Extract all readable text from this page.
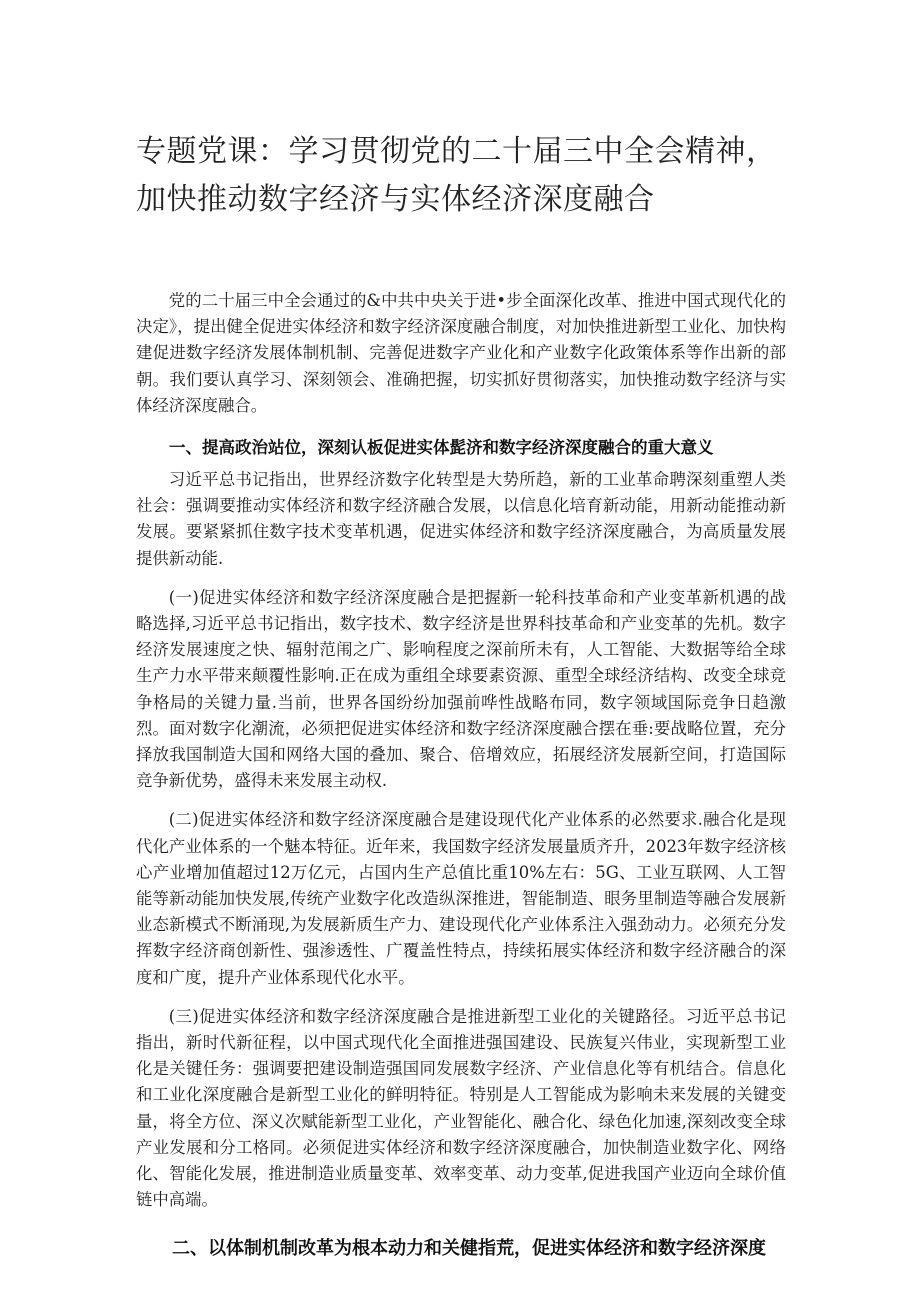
专题党课：学习贯彻党的二十届三中全会精神，加快推动数字经济与实体经济深度融合

党的二十届三中全会通过的&中共中央关于进•步全面深化改革、推进中国式现代化的决定》，提出健全促进实体经济和数字经济深度融合制度，对加快推进新型工业化、加快构建促进数字经济发展体制机制、完善促进数字产业化和产业数字化政策体系等作出新的部朝。我们要认真学习、深刻领会、准确把握，切实抓好贯彻落实，加快推动数字经济与实体经济深度融合。

一、提高政治站位，深刻认板促进实体髭济和数字经济深度融合的重大意义

习近平总书记指出，世界经济数字化转型是大势所趋，新的工业革命聘深刻重塑人类社会：强调要推动实体经济和数字经济融合发展，以信息化培育新动能，用新动能推动新发展。要紧紧抓住数字技术变革机遇，促进实体经济和数字经济深度融合，为高质量发展提供新动能.

(一)促进实体经济和数字经济深度融合是把握新一轮科技革命和产业变革新机遇的战略选择,习近平总书记指出，数字技术、数字经济是世界科技革命和产业变革的先机。数字经济发展速度之快、辐射范闱之广、影响程度之深前所未有，人工智能、大数据等给全球生产力水平带来颠覆性影响.正在成为重组全球要素资源、重型全球经济结构、改变全球竞争格局的关键力量.当前，世界各国纷纷加强前哗性战略布同，数字领域国际竞争日趋激烈。面对数字化潮流，必须把促进实体经济和数字经济深度融合摆在垂:要战略位置，充分择放我国制造大国和网络大国的叠加、聚合、倍增效应，拓展经济发展新空间，打造国际竞争新优势，盛得未来发展主动权.

(二)促进实体经济和数字经济深度融合是建设现代化产业体系的必然要求.融合化是现代化产业体系的一个魅本特征。近年来，我国数字经济发展量质齐升，2023年数字经济核心产业增加值超过12万亿元，占国内生产总值比重10%左右：5G、工业互联网、人工智能等新动能加快发展,传统产业数字化改造纵深推进，智能制造、眼务里制造等融合发展新业态新模式不断涌现,为发展新质生产力、建设现代化产业体系注入强劲动力。必须充分发挥数字经济商创新性、强渗透性、广覆盖性特点，持续拓展实体经济和数字经济融合的深度和广度，提升产业体系现代化水平。

(三)促进实体经济和数字经济深度融合是推进新型工业化的关键路径。习近平总书记指出，新时代新征程，以中国式现代化全面推进强国建设、民族复兴伟业，实现新型工业化是关键任务：强调要把建设制造强国同发展数字经济、产业信息化等有机结合。信息化和工业化深度融合是新型工业化的鲜明特征。特别是人工智能成为影响未来发展的关键变量，将全方位、深义次赋能新型工业化，产业智能化、融合化、绿色化加速,深刻改变全球产业发展和分工格同。必须促进实体经济和数字经济深度融合，加快制造业数字化、网络化、智能化发展，推进制造业质量变革、效率变革、动力变革,促进我国产业迈向全球价值链中高端。

二、以体制机制改革为根本动力和关健指荒，促进实体经济和数字经济深度
